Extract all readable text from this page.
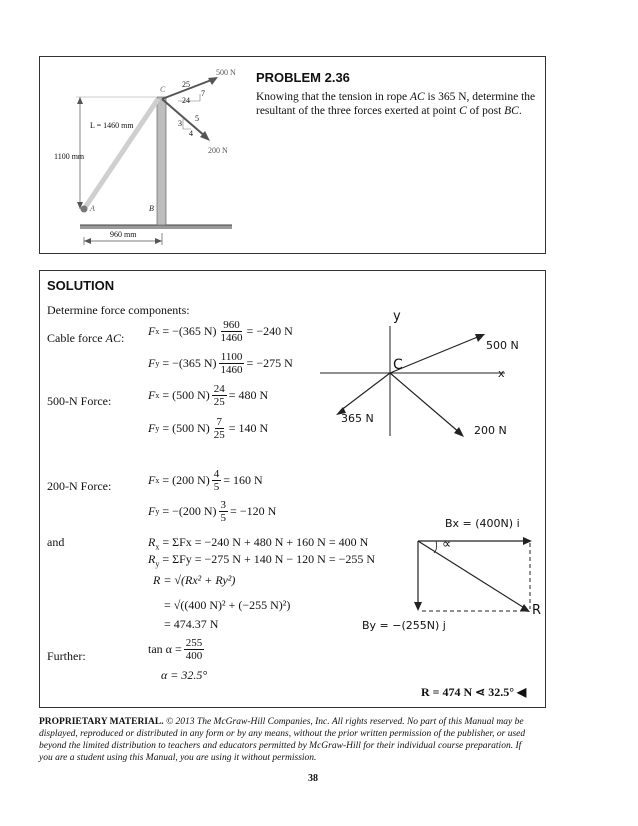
500 N
200 N
C
A	B
L = 1460 mm
1100 mm
960 mm
25
7
24
5
3
4
PROBLEM 2.36
Knowing that the tension in rope AC is 365 N, determine the resultant of the three forces exerted at point C of post BC.
SOLUTION
Determine force components:
Cable force AC: F x
= −(365 $N) \frac{960}{1460} = -240$ N
F y
= −(365 $N) \frac{1100}{1460} = -275$ N
500-N Force:	F x
= (500 $N) \frac{24}{25} = 480$ N
F y
= (500 $N) \frac{7}{25} = 140$ N
200-N Force:	F x
= (200 $N) \frac{4}{5} = 160$ N
F y
= −(200 $N) \frac{3}{5} = -120$ N
and	$R_x = \Sigma Fx = -240$ N + 480 N + 160 N = 400 N
$R_y = \Sigma Fy = -275$ N + 140 N − 120 N = −255 N
R = √(Rx² + Ry²)
= √((400 N)² + (−255 N)²)
= 474.37 N
Further:	$\tan \alpha = \frac{255}{400}$
α = 32.5°
R = 474 N ⋖ 32.5° ◀
y
C
x
500 N
365 N
200 N
Bx = (400N) i
∝
R
By = −(255N) j
PROPRIETARY MATERIAL. © 2013 The McGraw-Hill Companies, Inc. All rights reserved. No part of this Manual may be displayed, reproduced or distributed in any form or by any means, without the prior written permission of the publisher, or used beyond the limited distribution to teachers and educators permitted by McGraw-Hill for their individual course preparation. If you are a student using this Manual, you are using it without permission.
38
